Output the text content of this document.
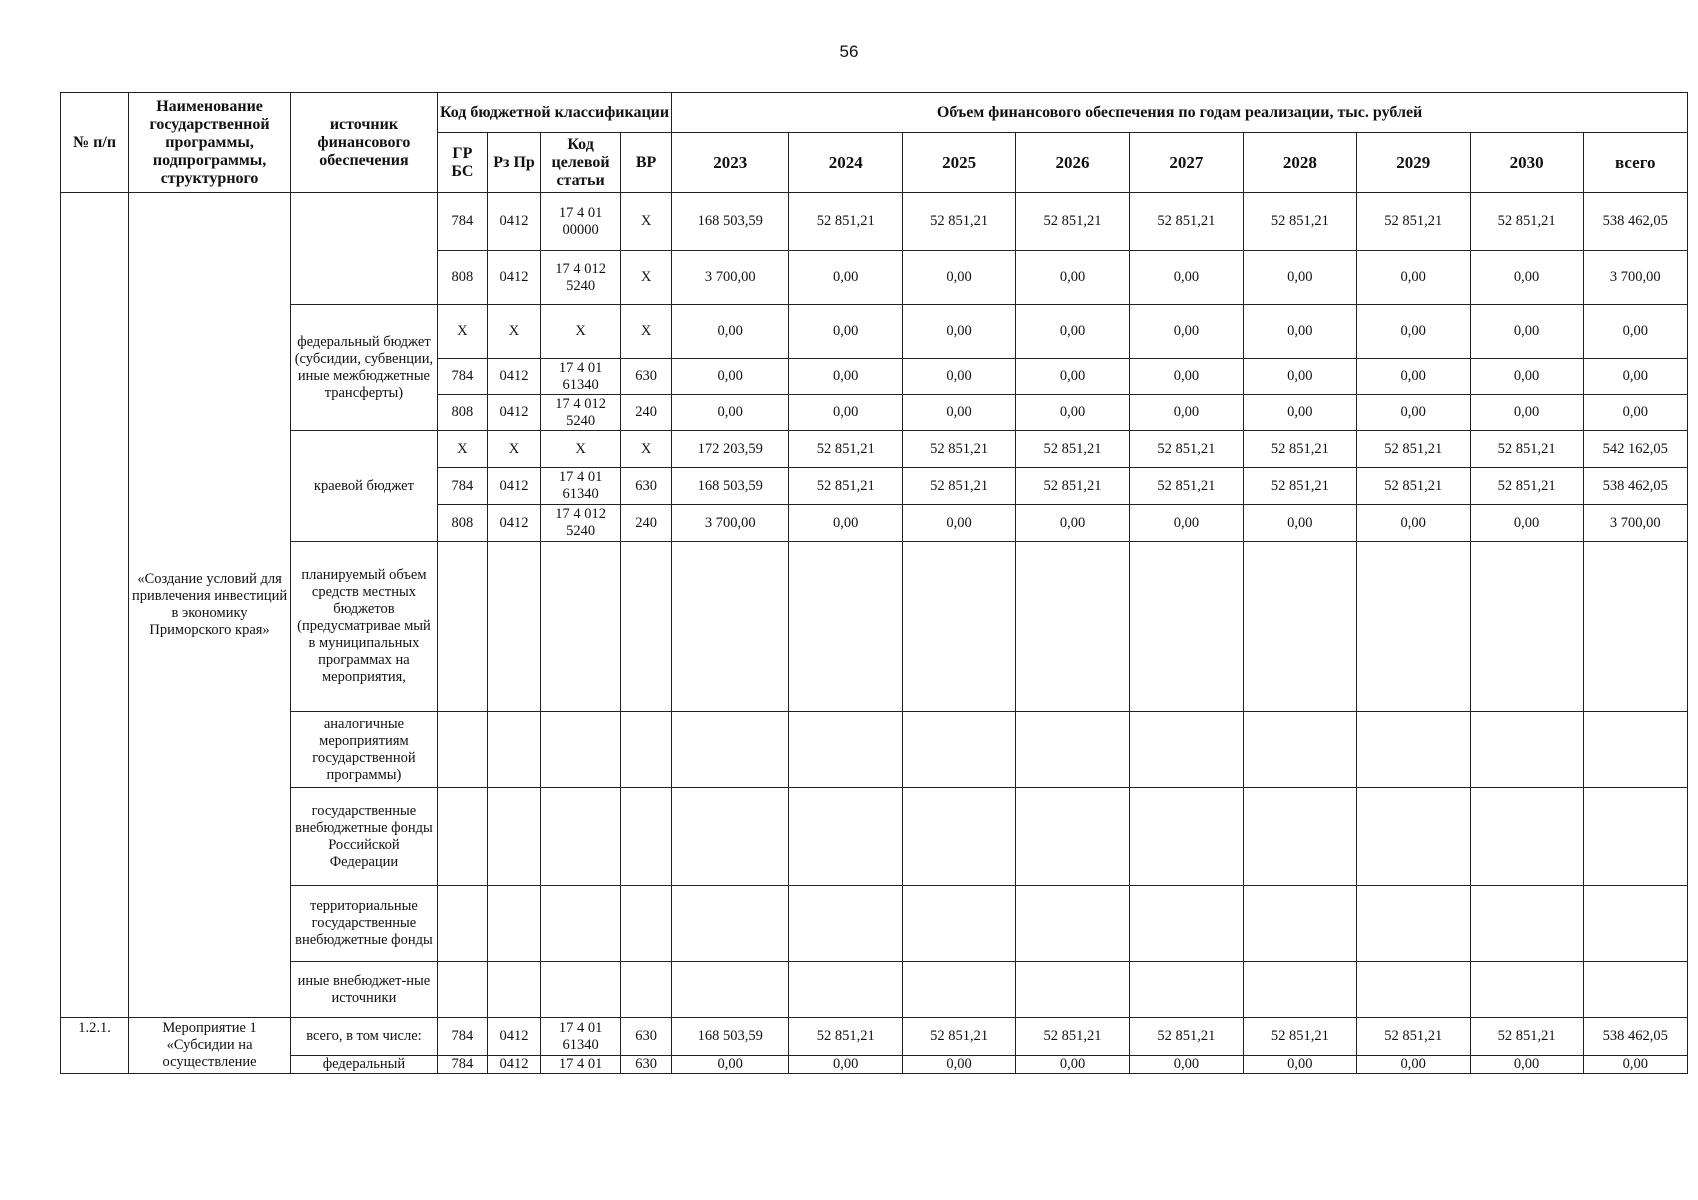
56
№ п/п	Наименование государственной программы, подпрограммы, структурного	источник финансового обеспечения	Код бюджетной классификации				Объем финансового обеспечения по годам реализации, тыс. рублей								
			ГР БС	Рз Пр	Код целевой статьи	ВР	2023	2024	2025	2026	2027	2028	2029	2030	всего
	«Создание условий для привлечения инвестиций в экономику Приморского края»		784	0412	17 4 01 00000	X	168 503,59	52 851,21	52 851,21	52 851,21	52 851,21	52 851,21	52 851,21	52 851,21	538 462,05
			808	0412	17 4 012 5240	X	3 700,00	0,00	0,00	0,00	0,00	0,00	0,00	0,00	3 700,00
		федеральный бюджет (субсидии, субвенции, иные межбюджетные трансферты)	X	X	X	X	0,00	0,00	0,00	0,00	0,00	0,00	0,00	0,00	0,00
			784	0412	17 4 01 61340	630	0,00	0,00	0,00	0,00	0,00	0,00	0,00	0,00	0,00
			808	0412	17 4 012 5240	240	0,00	0,00	0,00	0,00	0,00	0,00	0,00	0,00	0,00
		краевой бюджет	X	X	X	X	172 203,59	52 851,21	52 851,21	52 851,21	52 851,21	52 851,21	52 851,21	52 851,21	542 162,05
			784	0412	17 4 01 61340	630	168 503,59	52 851,21	52 851,21	52 851,21	52 851,21	52 851,21	52 851,21	52 851,21	538 462,05
			808	0412	17 4 012 5240	240	3 700,00	0,00	0,00	0,00	0,00	0,00	0,00	0,00	3 700,00
		планируемый объем средств местных бюджетов (предусматривае мый в муниципальных программах на мероприятия,													
		аналогичные мероприятиям государственной программы)													
		государственные внебюджетные фонды Российской Федерации													
		территориальные государственные внебюджетные фонды													
		иные внебюджет-ные источники													

1.2.1.	Мероприятие 1 «Субсидии на осуществление	всего, в том числе:	784	0412	17 4 01 61340	630	168 503,59	52 851,21	52 851,21	52 851,21	52 851,21	52 851,21	52 851,21	52 851,21	538 462,05
		федеральный	784	0412	17 4 01	630	0,00	0,00	0,00	0,00	0,00	0,00	0,00	0,00	0,00
